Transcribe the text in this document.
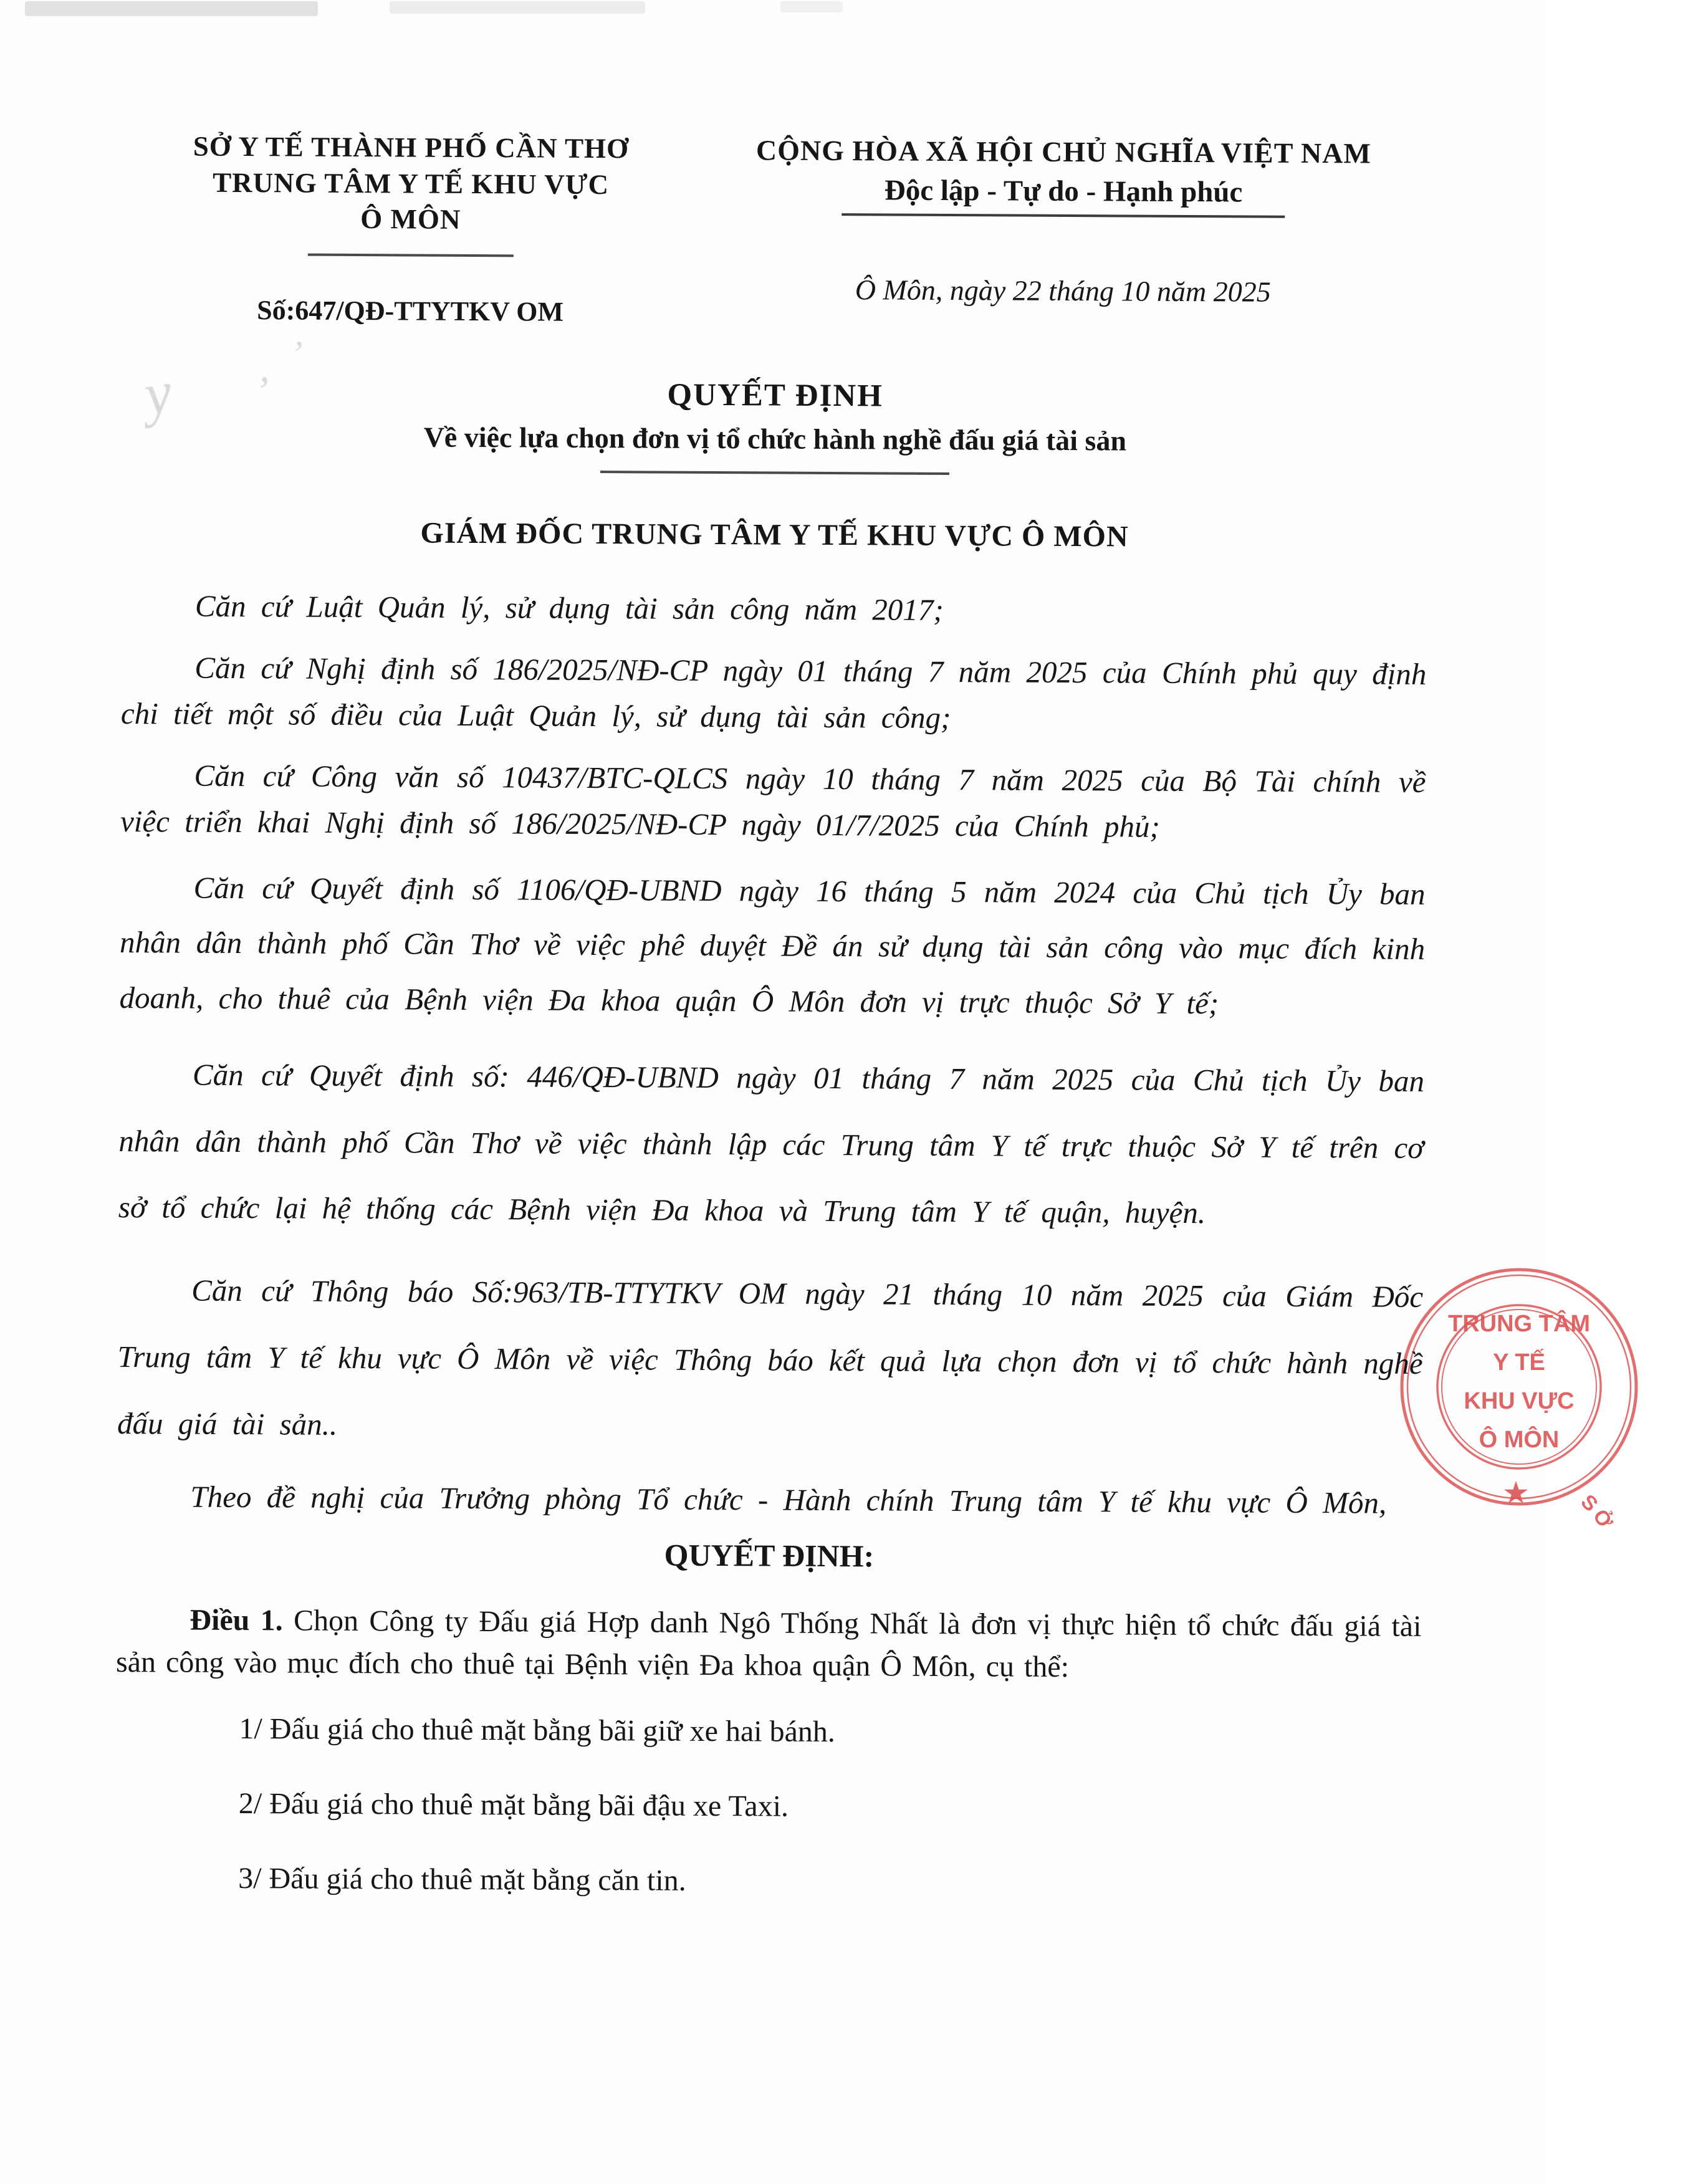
y ’
’
SỞ Y TẾ THÀNH PHỐ CẦN THƠ
TRUNG TÂM Y TẾ KHU VỰC
Ô MÔN
Số:647/QĐ-TTYTKV OM
CỘNG HÒA XÃ HỘI CHỦ NGHĨA VIỆT NAM
Độc lập - Tự do - Hạnh phúc
Ô Môn, ngày 22 tháng 10 năm 2025
QUYẾT ĐỊNH
Về việc lựa chọn đơn vị tổ chức hành nghề đấu giá tài sản
GIÁM ĐỐC TRUNG TÂM Y TẾ KHU VỰC Ô MÔN

Căn cứ Luật Quản lý, sử dụng tài sản công năm 2017;

Căn cứ Nghị định số 186/2025/NĐ-CP ngày 01 tháng 7 năm 2025 của Chính phủ quy định chi tiết một số điều của Luật Quản lý, sử dụng tài sản công;

Căn cứ Công văn số 10437/BTC-QLCS ngày 10 tháng 7 năm 2025 của Bộ Tài chính về việc triển khai Nghị định số 186/2025/NĐ-CP ngày 01/7/2025 của Chính phủ;

Căn cứ Quyết định số 1106/QĐ-UBND ngày 16 tháng 5 năm 2024 của Chủ tịch Ủy ban nhân dân thành phố Cần Thơ về việc phê duyệt Đề án sử dụng tài sản công vào mục đích kinh doanh, cho thuê của Bệnh viện Đa khoa quận Ô Môn đơn vị trực thuộc Sở Y tế;

Căn cứ Quyết định số: 446/QĐ-UBND ngày 01 tháng 7 năm 2025 của Chủ tịch Ủy ban nhân dân thành phố Cần Thơ về việc thành lập các Trung tâm Y tế trực thuộc Sở Y tế trên cơ sở tổ chức lại hệ thống các Bệnh viện Đa khoa và Trung tâm Y tế quận, huyện.

Căn cứ Thông báo Số:963/TB-TTYTKV OM ngày 21 tháng 10 năm 2025 của Giám Đốc Trung tâm Y tế khu vực Ô Môn về việc Thông báo kết quả lựa chọn đơn vị tổ chức hành nghề đấu giá tài sản..

Theo đề nghị của Trưởng phòng Tổ chức - Hành chính Trung tâm Y tế khu vực Ô Môn,

QUYẾT ĐỊNH:

Điều 1. Chọn Công ty Đấu giá Hợp danh Ngô Thống Nhất là đơn vị thực hiện tổ chức đấu giá tài sản công vào mục đích cho thuê tại Bệnh viện Đa khoa quận Ô Môn, cụ thể:

1/ Đấu giá cho thuê mặt bằng bãi giữ xe hai bánh.

2/ Đấu giá cho thuê mặt bằng bãi đậu xe Taxi.

3/ Đấu giá cho thuê mặt bằng căn tin.

SỞ
TRUNG TÂM
Y TẾ
KHU VỰC
Ô MÔN
★
